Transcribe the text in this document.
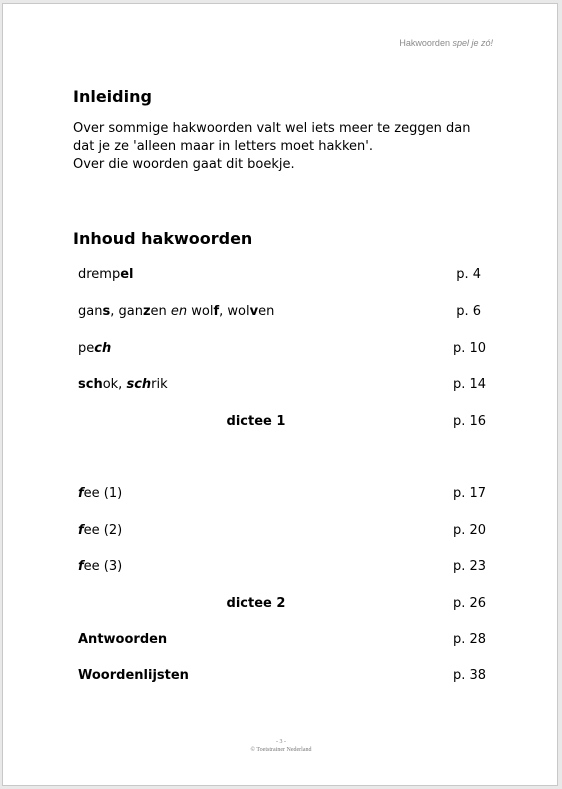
Hakwoorden spel je zó!
Inleiding
Over sommige hakwoorden valt wel iets meer te zeggen dan
dat je ze 'alleen maar in letters moet hakken'.
Over die woorden gaat dit boekje.
Inhoud hakwoorden
drempel	p. 4
gans, ganzen en wolf, wolven	p. 6
pech	p. 10
schok, schrik	p. 14
dictee 1	p. 16
fee (1)	p. 17
fee (2)	p. 20
fee (3)	p. 23
dictee 2	p. 26
Antwoorden	p. 28
Woordenlijsten	p. 38
- 3 -
© Toetstrainer Nederland
